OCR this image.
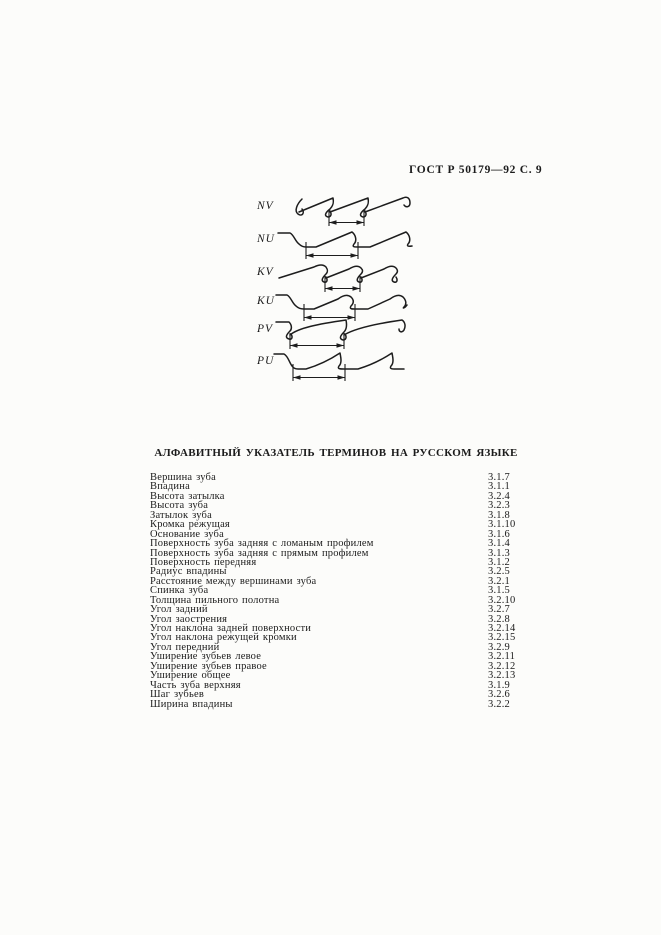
ГОСТ Р 50179—92 С. 9
NV
NU
KV
KU
PV
PU
АЛФАВИТНЫЙ УКАЗАТЕЛЬ ТЕРМИНОВ НА РУССКОМ ЯЗЫКЕ
Вершина зуба	3.1.7
Впадина	3.1.1
Высота затылка	3.2.4
Высота зуба	3.2.3
Затылок зуба	3.1.8
Кромка режущая	3.1.10
Основание зуба	3.1.6
Поверхность зуба задняя с ломаным профилем	3.1.4
Поверхность зуба задняя с прямым профилем	3.1.3
Поверхность передняя	3.1.2
Радиус впадины	3.2.5
Расстояние между вершинами зуба	3.2.1
Спинка зуба	3.1.5
Толщина пильного полотна	3.2.10
Угол задний	3.2.7
Угол заострения	3.2.8
Угол наклона задней поверхности	3.2.14
Угол наклона режущей кромки	3.2.15
Угол передний	3.2.9
Уширение зубьев левое	3.2.11
Уширение зубьев правое	3.2.12
Уширение общее	3.2.13
Часть зуба верхняя	3.1.9
Шаг зубьев	3.2.6
Ширина впадины	3.2.2
